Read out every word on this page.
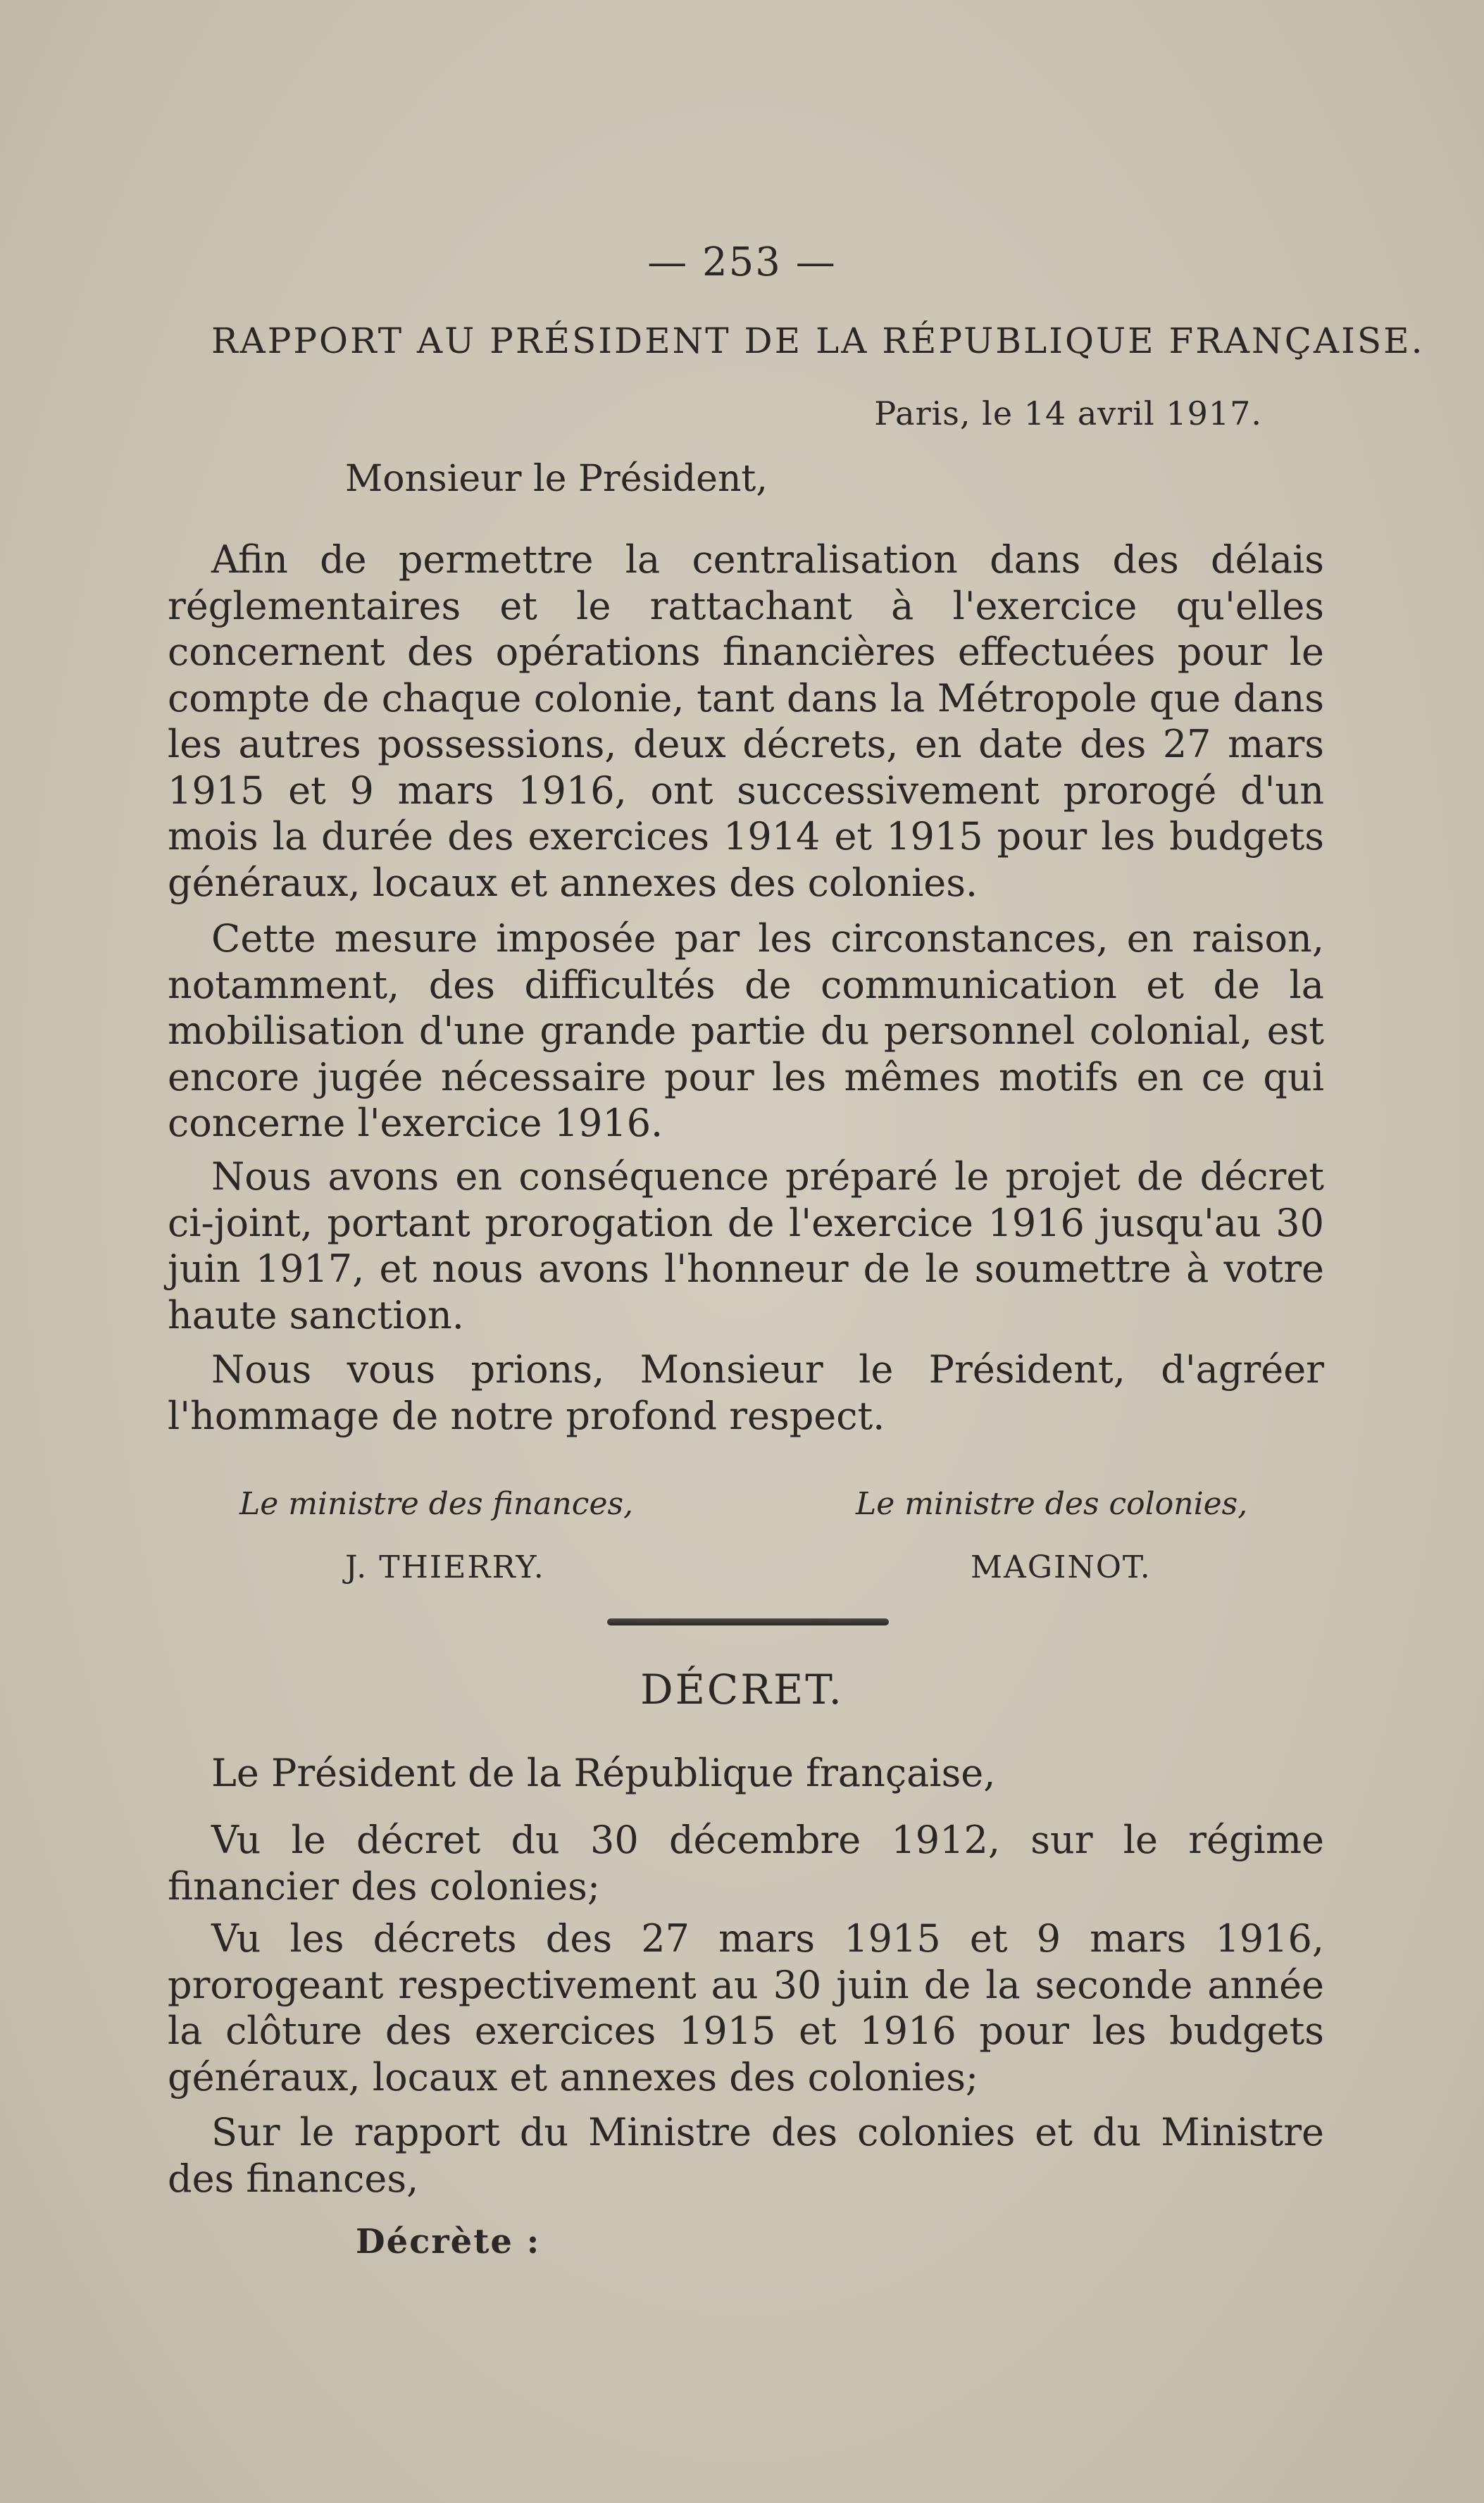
— 253 —
RAPPORT AU PRÉSIDENT DE LA RÉPUBLIQUE FRANÇAISE.
Paris, le 14 avril 1917.
Monsieur le Président,

Afin de permettre la centralisation dans des délais réglementaires et le rattachant à l'exercice qu'elles concernent des opérations financières effectuées pour le compte de chaque colonie, tant dans la Métropole que dans les autres possessions, deux décrets, en date des 27 mars 1915 et 9 mars 1916, ont successivement prorogé d'un mois la durée des exercices 1914 et 1915 pour les budgets généraux, locaux et annexes des colonies.

Cette mesure imposée par les circonstances, en raison, notamment, des difficultés de communication et de la mobilisation d'une grande partie du personnel colonial, est encore jugée nécessaire pour les mêmes motifs en ce qui concerne l'exercice 1916.

Nous avons en conséquence préparé le projet de décret ci-joint, portant prorogation de l'exercice 1916 jusqu'au 30 juin 1917, et nous avons l'honneur de le soumettre à votre haute sanction.

Nous vous prions, Monsieur le Président, d'agréer l'hommage de notre profond respect.

Le ministre des finances,	Le ministre des colonies,
J. THIERRY.	MAGINOT.
DÉCRET.

Le Président de la République française,

Vu le décret du 30 décembre 1912, sur le régime financier des colonies;

Vu les décrets des 27 mars 1915 et 9 mars 1916, prorogeant respectivement au 30 juin de la seconde année la clôture des exercices 1915 et 1916 pour les budgets généraux, locaux et annexes des colonies;

Sur le rapport du Ministre des colonies et du Ministre des finances,

Décrète :
